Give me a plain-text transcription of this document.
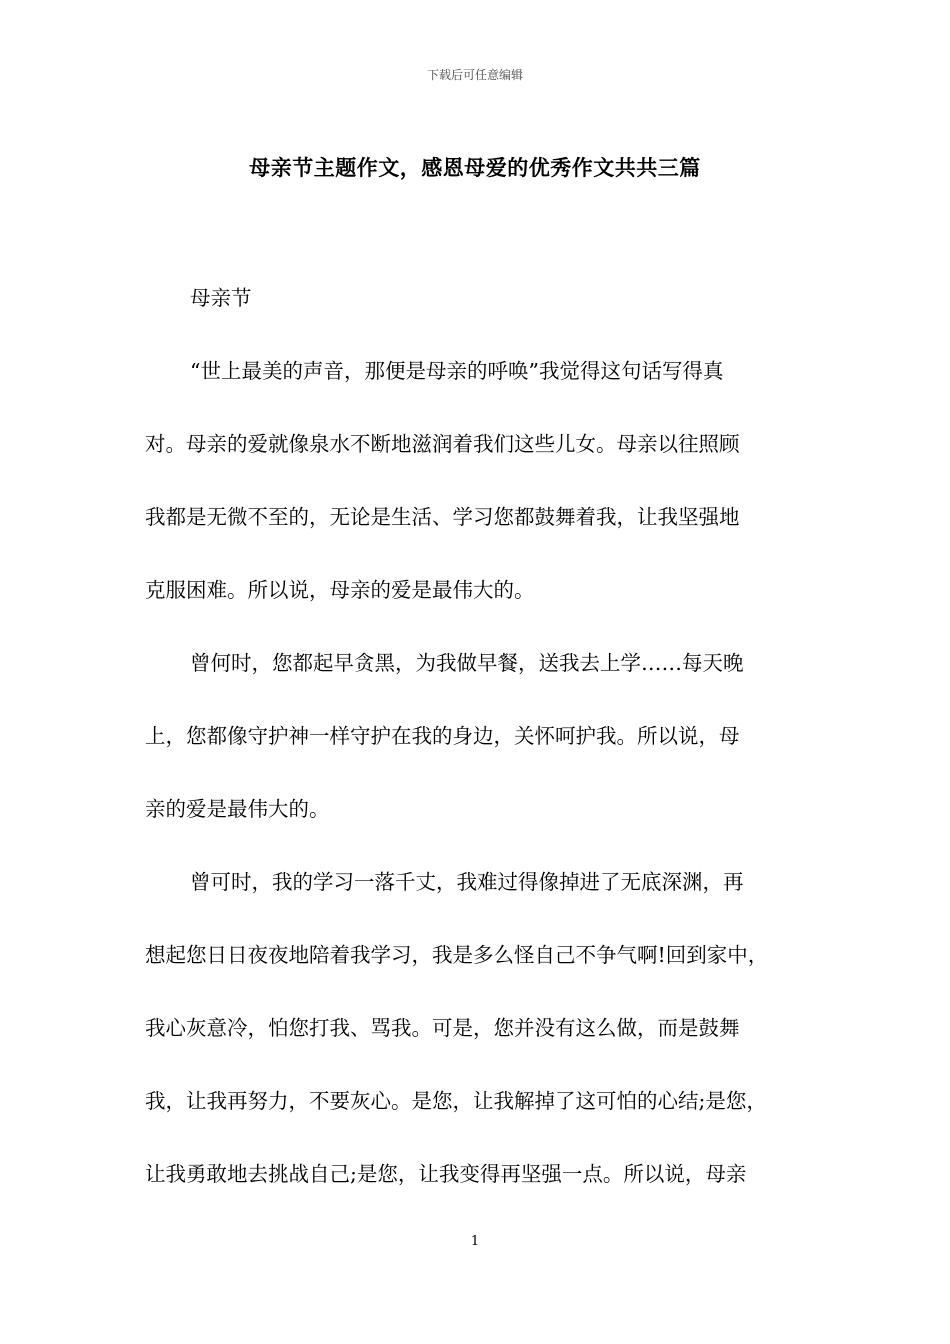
下载后可任意编辑
母亲节主题作文，感恩母爱的优秀作文共共三篇
母亲节
“世上最美的声音，那便是母亲的呼唤”我觉得这句话写得真
对。母亲的爱就像泉水不断地滋润着我们这些儿女。母亲以往照顾
我都是无微不至的，无论是生活、学习您都鼓舞着我，让我坚强地
克服困难。所以说，母亲的爱是最伟大的。
曾何时，您都起早贪黑，为我做早餐，送我去上学……每天晚
上，您都像守护神一样守护在我的身边，关怀呵护我。所以说，母
亲的爱是最伟大的。
曾可时，我的学习一落千丈，我难过得像掉进了无底深渊，再
想起您日日夜夜地陪着我学习，我是多么怪自己不争气啊!回到家中，
我心灰意冷，怕您打我、骂我。可是，您并没有这么做，而是鼓舞
我，让我再努力，不要灰心。是您，让我解掉了这可怕的心结;是您，
让我勇敢地去挑战自己;是您，让我变得再坚强一点。所以说，母亲
1
